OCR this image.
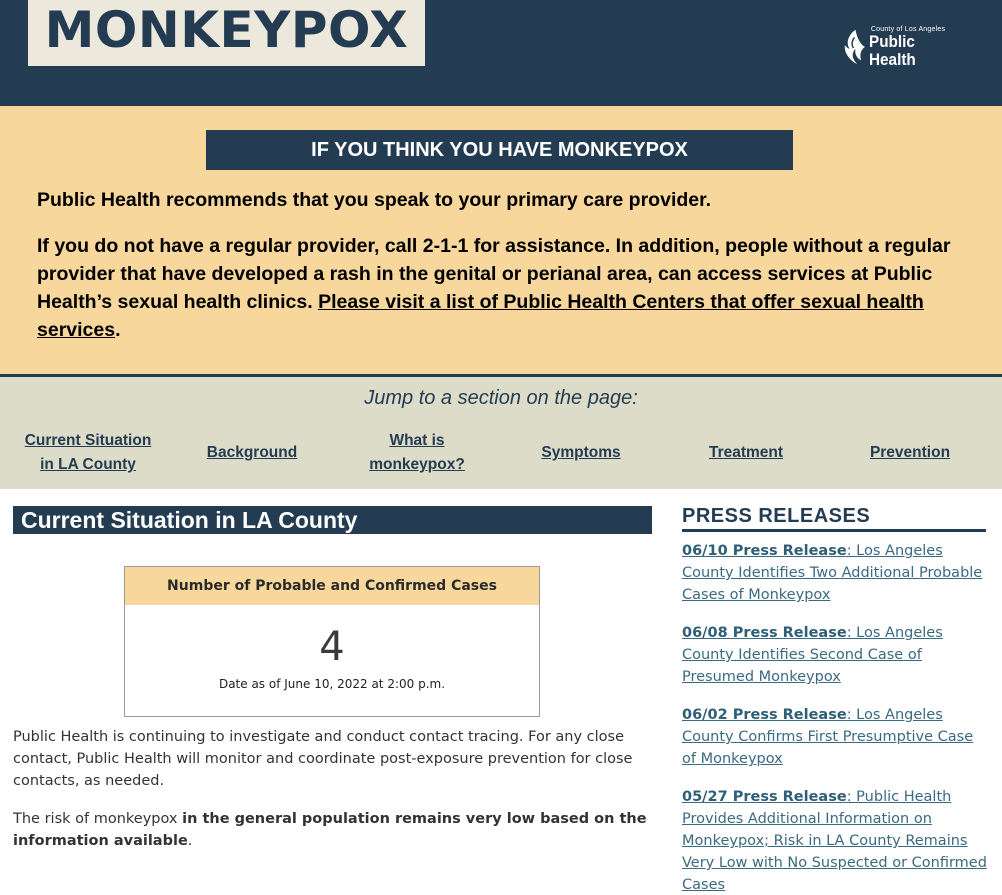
MONKEYPOX	County of Los Angeles
Public Health
IF YOU THINK YOU HAVE MONKEYPOX
Public Health recommends that you speak to your primary care provider.
If you do not have a regular provider, call 2-1-1 for assistance. In addition, people without a regular provider that have developed a rash in the genital or perianal area, can access services at Public Health’s sexual health clinics. Please visit a list of Public Health Centers that offer sexual health services.
Jump to a section on the page:
Current Situation
in LA County
Background
What is
monkeypox?
Symptoms	Treatment	Prevention
Current Situation in LA County
Number of Probable and Confirmed Cases
4
Date as of June 10, 2022 at 2:00 p.m.
Public Health is continuing to investigate and conduct contact tracing. For any close contact, Public Health will monitor and coordinate post-exposure prevention for close contacts, as needed.
The risk of monkeypox in the general population remains very low based on the information available.
PRESS RELEASES
06/10 Press Release: Los Angeles County Identifies Two Additional Probable Cases of Monkeypox
06/08 Press Release: Los Angeles County Identifies Second Case of Presumed Monkeypox
06/02 Press Release: Los Angeles County Confirms First Presumptive Case of Monkeypox
05/27 Press Release: Public Health Provides Additional Information on Monkeypox; Risk in LA County Remains Very Low with No Suspected or Confirmed Cases
